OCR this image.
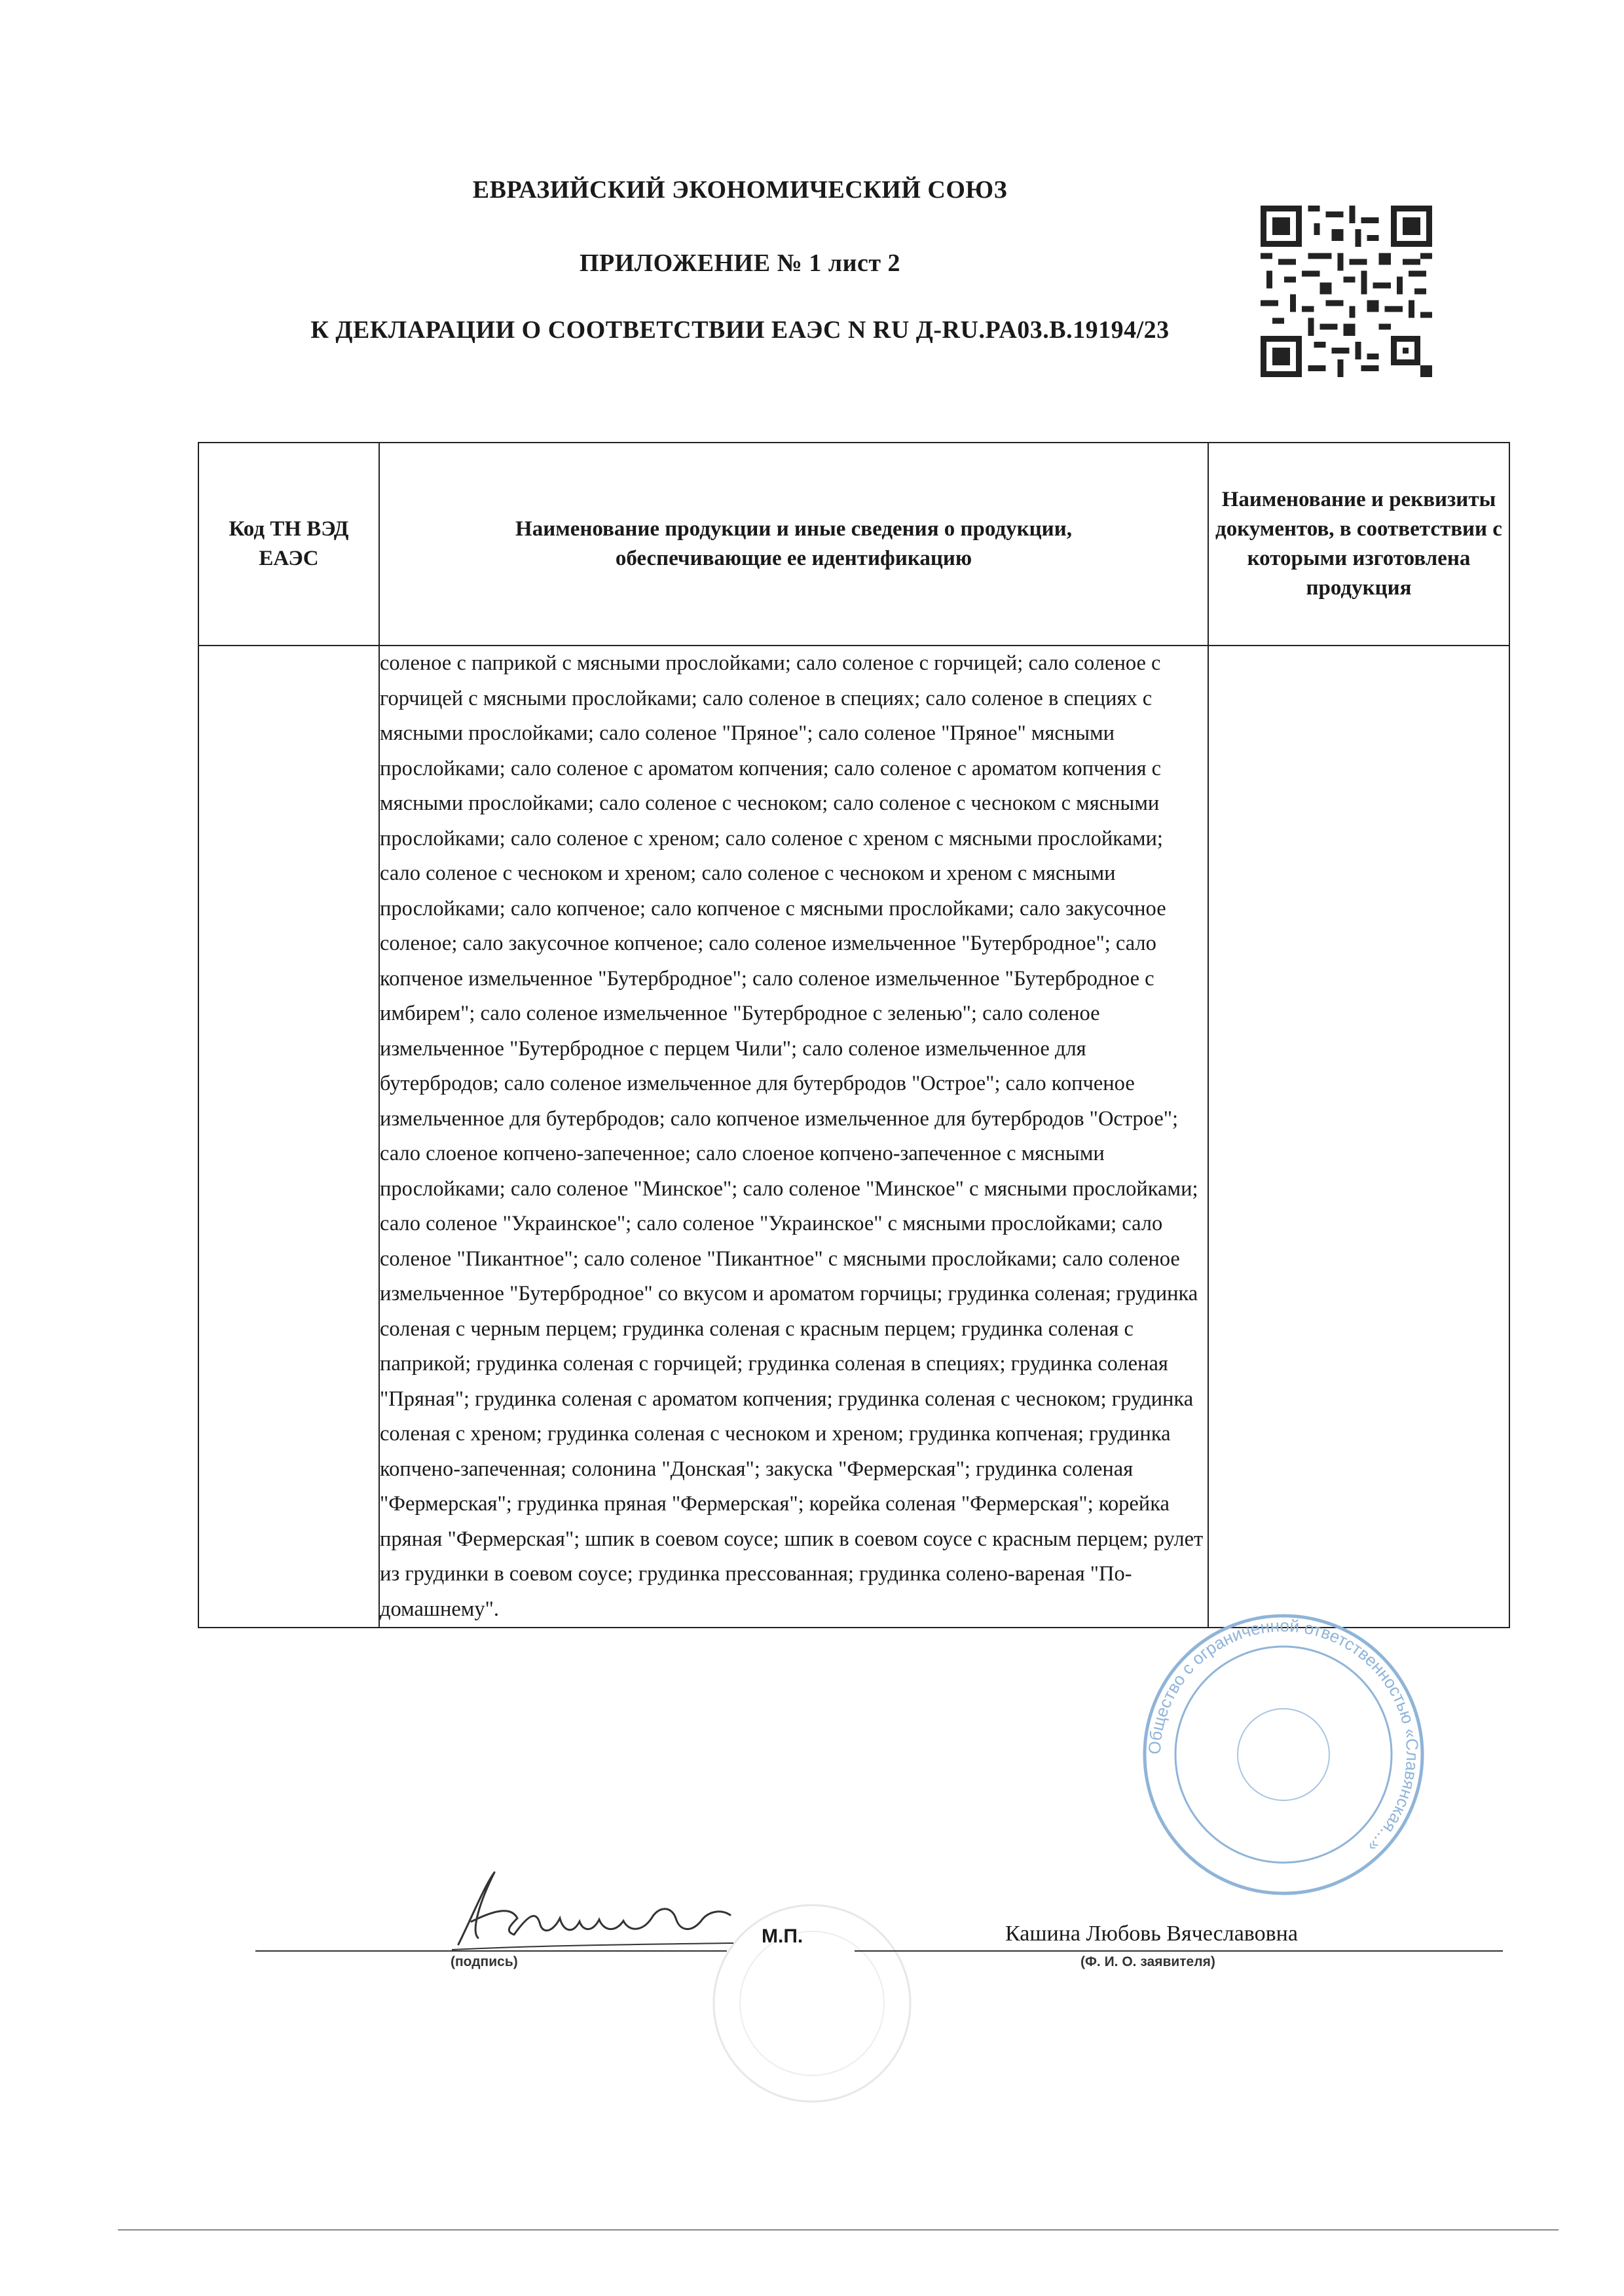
ЕВРАЗИЙСКИЙ ЭКОНОМИЧЕСКИЙ СОЮЗ
ПРИЛОЖЕНИЕ № 1 лист 2
К ДЕКЛАРАЦИИ О СООТВЕТСТВИИ ЕАЭС N RU Д-RU.PA03.B.19194/23
Код ТН ВЭД ЕАЭС	Наименование продукции и иные сведения о продукции, обеспечивающие ее идентификацию	Наименование и реквизиты документов, в соответствии с которыми изготовлена продукция
	соленое с паприкой с мясными прослойками; сало соленое с горчицей; сало соленое с горчицей с мясными прослойками; сало соленое в специях; сало соленое в специях с мясными прослойками; сало соленое "Пряное"; сало соленое "Пряное" мясными прослойками; сало соленое с ароматом копчения; сало соленое с ароматом копчения с мясными прослойками; сало соленое с чесноком; сало соленое с чесноком с мясными прослойками; сало соленое с хреном; сало соленое с хреном с мясными прослойками; сало соленое с чесноком и хреном; сало соленое с чесноком и хреном с мясными прослойками; сало копченое; сало копченое с мясными прослойками; сало закусочное соленое; сало закусочное копченое; сало соленое измельченное "Бутербродное"; сало копченое измельченное "Бутербродное"; сало соленое измельченное "Бутербродное с имбирем"; сало соленое измельченное "Бутербродное с зеленью"; сало соленое измельченное "Бутербродное с перцем Чили"; сало соленое измельченное для бутербродов; сало соленое измельченное для бутербродов "Острое"; сало копченое измельченное для бутербродов; сало копченое измельченное для бутербродов "Острое"; сало слоеное копчено-запеченное; сало слоеное копчено-запеченное с мясными прослойками; сало соленое "Минское"; сало соленое "Минское" с мясными прослойками; сало соленое "Украинское"; сало соленое "Украинское" с мясными прослойками; сало соленое "Пикантное"; сало соленое "Пикантное" с мясными прослойками; сало соленое измельченное "Бутербродное" со вкусом и ароматом горчицы; грудинка соленая; грудинка соленая с черным перцем; грудинка соленая с красным перцем; грудинка соленая с паприкой; грудинка соленая с горчицей; грудинка соленая в специях; грудинка соленая "Пряная"; грудинка соленая с ароматом копчения; грудинка соленая с чесноком; грудинка соленая с хреном; грудинка соленая с чесноком и хреном; грудинка копченая; грудинка копчено-запеченная; солонина "Донская"; закуска "Фермерская"; грудинка соленая "Фермерская"; грудинка пряная "Фермерская"; корейка соленая "Фермерская"; корейка пряная "Фермерская"; шпик в соевом соусе; шпик в соевом соусе с красным перцем; рулет из грудинки в соевом соусе; грудинка прессованная; грудинка солено-вареная "По-домашнему".	
Общество с ограниченной ответственностью «Славянская...»
М.П.	Кашина Любовь Вячеславовна
(подпись)	(Ф. И. О. заявителя)
